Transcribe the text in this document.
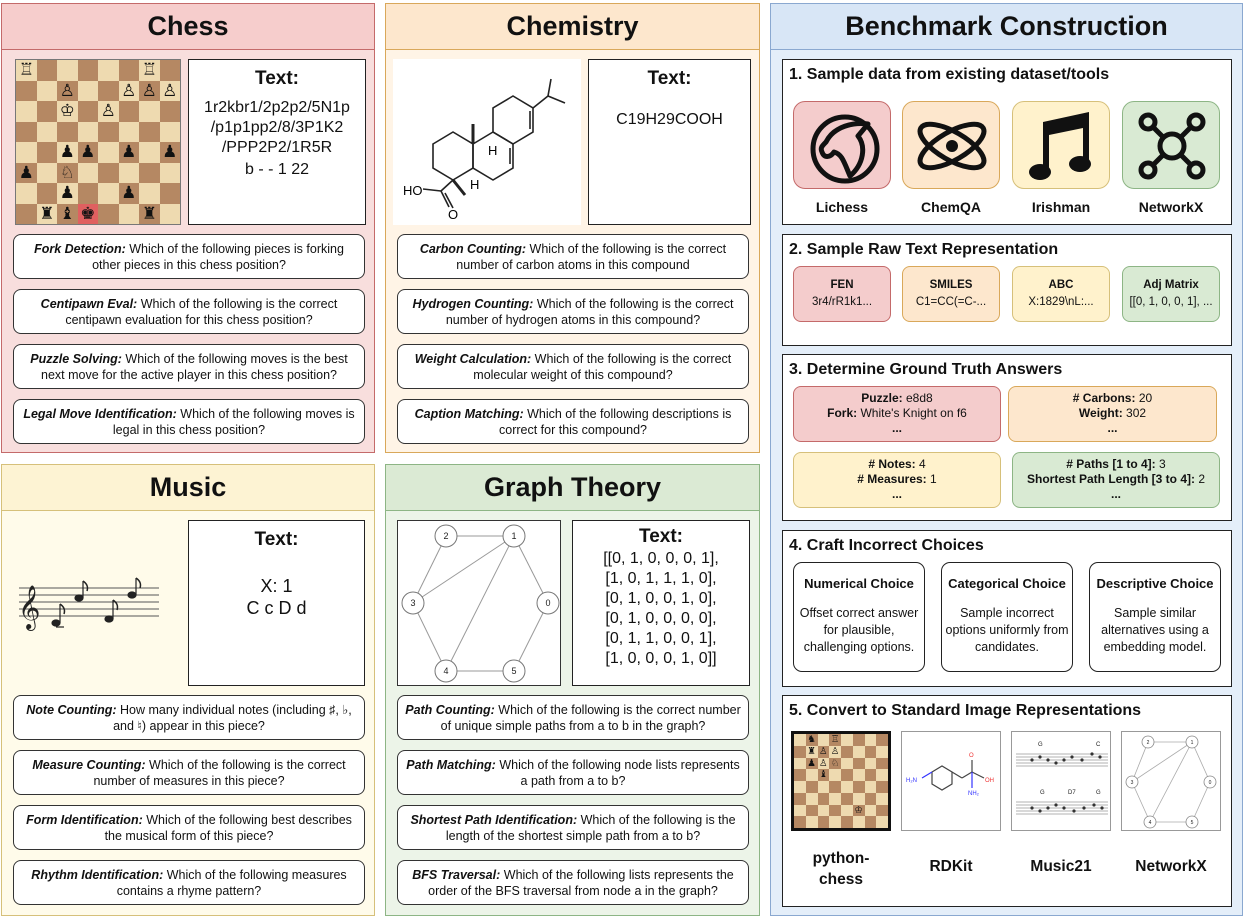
Chess
♖	♖
♙	♙ ♙ ♙
♔ ♙
♟ ♟ ♟ ♟
♟ ♘
♟	♟
♜ ♝ ♚	♜
Text:
1r2kbr1/2p2p2/5N1p
/p1p1pp2/8/3P1K2
/PPP2P2/1R5R
b - - 1 22
Fork Detection: Which of the following pieces is forking other pieces in this chess position?
Centipawn Eval: Which of the following is the correct centipawn evaluation for this chess position?
Puzzle Solving: Which of the following moves is the best next move for the active player in this chess position?
Legal Move Identification: Which of the following moves is legal in this chess position?
Chemistry
HO
O
H
H
Text:
C19H29COOH
Carbon Counting: Which of the following is the correct number of carbon atoms in this compound
Hydrogen Counting: Which of the following is the correct number of hydrogen atoms in this compound?
Weight Calculation: Which of the following is the correct molecular weight of this compound?
Caption Matching: Which of the following descriptions is correct for this compound?
Music
𝄞
Text:
X: 1
C c D d
Note Counting: How many individual notes (including ♯, ♭, and ♮) appear in this piece?
Measure Counting: Which of the following is the correct number of measures in this piece?
Form Identification: Which of the following best describes the musical form of this piece?
Rhythm Identification: Which of the following measures contains a rhyme pattern?
Graph Theory
0
1
2
3
4	5
Text:
[[0, 1, 0, 0, 0, 1],
[1, 0, 1, 1, 1, 0],
[0, 1, 0, 0, 1, 0],
[0, 1, 0, 0, 0, 0],
[0, 1, 1, 0, 0, 1],
[1, 0, 0, 0, 1, 0]]
Path Counting: Which of the following is the correct number of unique simple paths from a to b in the graph?
Path Matching: Which of the following node lists represents a path from a to b?
Shortest Path Identification: Which of the following is the length of the shortest simple path from a to b?
BFS Traversal: Which of the following lists represents the order of the BFS traversal from node a in the graph?
Benchmark Construction
1. Sample data from existing dataset/tools
Lichess	ChemQA	Irishman	NetworkX
2. Sample Raw Text Representation
FEN
3r4/rR1k1...
SMILES
C1=CC(=C-...
ABC
X:1829\nL:...
Adj Matrix
[[0, 1, 0, 0, 1], ...
3. Determine Ground Truth Answers
Puzzle: e8d8
Fork: White's Knight on f6
...
# Carbons: 20
Weight: 302
...
# Notes: 4
# Measures: 1
...
# Paths [1 to 4]: 3
Shortest Path Length [3 to 4]: 2
...
4. Craft Incorrect Choices
Numerical Choice
Offset correct answer for plausible, challenging options.
Categorical Choice
Sample incorrect options uniformly from candidates.
Descriptive Choice
Sample similar alternatives using a embedding model.
5. Convert to Standard Image Representations
♞ ♖
♜ ♙ ♙
♟ ♙ ♘
♝
♔
H₂N
NH₂
OH
O
G	C
G	D7	G
2	1
3	0
4	5
python-chess
RDKit	Music21	NetworkX
